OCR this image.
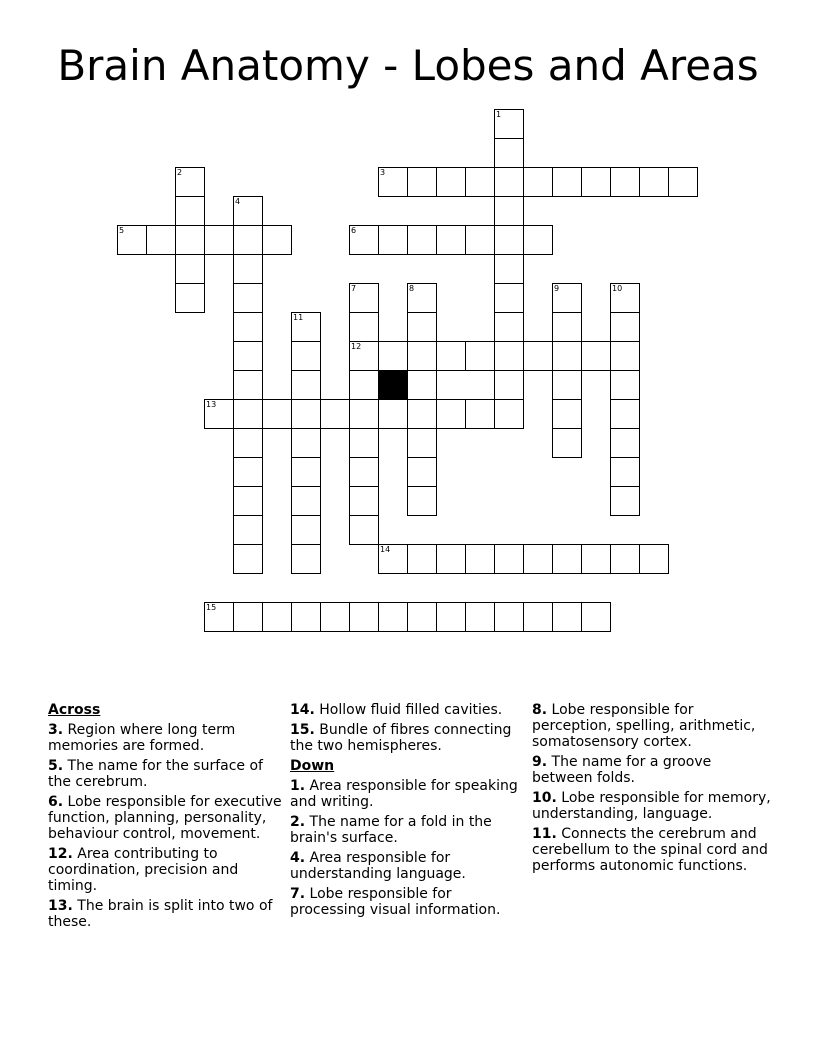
Brain Anatomy - Lobes and Areas
1
2	3
4
5	6
7
12
8	9	10
11
13
14
15
Across
3. Region where long term memories are formed.
5. The name for the surface of the cerebrum.
6. Lobe responsible for executive function, planning, personality, behaviour control, movement.
12. Area contributing to coordination, precision and timing.
13. The brain is split into two of these.
14. Hollow fluid filled cavities.
15. Bundle of fibres connecting the two hemispheres.
Down
1. Area responsible for speaking and writing.
2. The name for a fold in the brain's surface.
4. Area responsible for understanding language.
7. Lobe responsible for processing visual information.
8. Lobe responsible for perception, spelling, arithmetic, somatosensory cortex.
9. The name for a groove between folds.
10. Lobe responsible for memory, understanding, language.
11. Connects the cerebrum and cerebellum to the spinal cord and performs autonomic functions.
